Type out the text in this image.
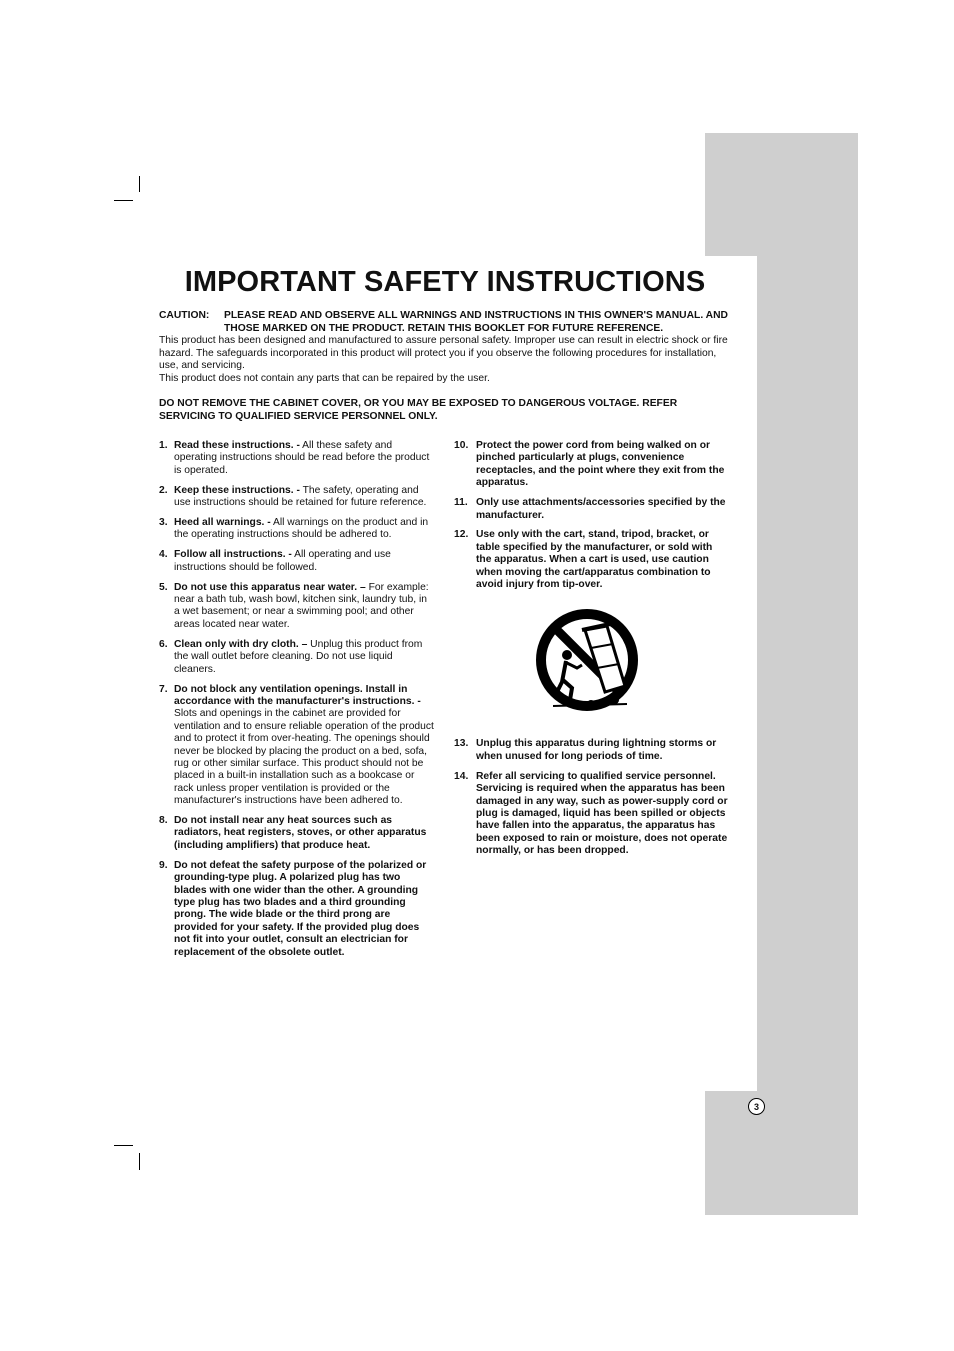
IMPORTANT SAFETY INSTRUCTIONS
CAUTION: PLEASE READ AND OBSERVE ALL WARNINGS AND INSTRUCTIONS IN THIS OWNER'S MANUAL. AND THOSE MARKED ON THE PRODUCT. RETAIN THIS BOOKLET FOR FUTURE REFERENCE.

This product has been designed and manufactured to assure personal safety. Improper use can result in electric shock or fire hazard. The safeguards incorporated in this product will protect you if you observe the following procedures for installation, use, and servicing.

This product does not contain any parts that can be repaired by the user.

DO NOT REMOVE THE CABINET COVER, OR YOU MAY BE EXPOSED TO DANGEROUS VOLTAGE. REFER SERVICING TO QUALIFIED SERVICE PERSONNEL ONLY.
1. Read these instructions. - All these safety and operating instructions should be read before the product is operated.
2. Keep these instructions. - The safety, operating and use instructions should be retained for future reference.
3. Heed all warnings. - All warnings on the product and in the operating instructions should be adhered to.
4. Follow all instructions. - All operating and use instructions should be followed.
5. Do not use this apparatus near water. – For example: near a bath tub, wash bowl, kitchen sink, laundry tub, in a wet basement; or near a swimming pool; and other areas located near water.
6. Clean only with dry cloth. – Unplug this product from the wall outlet before cleaning. Do not use liquid cleaners.
7. Do not block any ventilation openings. Install in accordance with the manufacturer's instructions. - Slots and openings in the cabinet are provided for ventilation and to ensure reliable operation of the product and to protect it from over-heating. The openings should never be blocked by placing the product on a bed, sofa, rug or other similar surface. This product should not be placed in a built-in installation such as a bookcase or rack unless proper ventilation is provided or the manufacturer's instructions have been adhered to.
8. Do not install near any heat sources such as radiators, heat registers, stoves, or other apparatus (including amplifiers) that produce heat.
9. Do not defeat the safety purpose of the polarized or grounding-type plug. A polarized plug has two blades with one wider than the other. A grounding type plug has two blades and a third grounding prong. The wide blade or the third prong are provided for your safety. If the provided plug does not fit into your outlet, consult an electrician for replacement of the obsolete outlet.
10. Protect the power cord from being walked on or pinched particularly at plugs, convenience receptacles, and the point where they exit from the apparatus.
11. Only use attachments/accessories specified by the manufacturer.
12. Use only with the cart, stand, tripod, bracket, or table specified by the manufacturer, or sold with the apparatus. When a cart is used, use caution when moving the cart/apparatus combination to avoid injury from tip-over.
13. Unplug this apparatus during lightning storms or when unused for long periods of time.
14. Refer all servicing to qualified service personnel. Servicing is required when the apparatus has been damaged in any way, such as power-supply cord or plug is damaged, liquid has been spilled or objects have fallen into the apparatus, the apparatus has been exposed to rain or moisture, does not operate normally, or has been dropped.
3
